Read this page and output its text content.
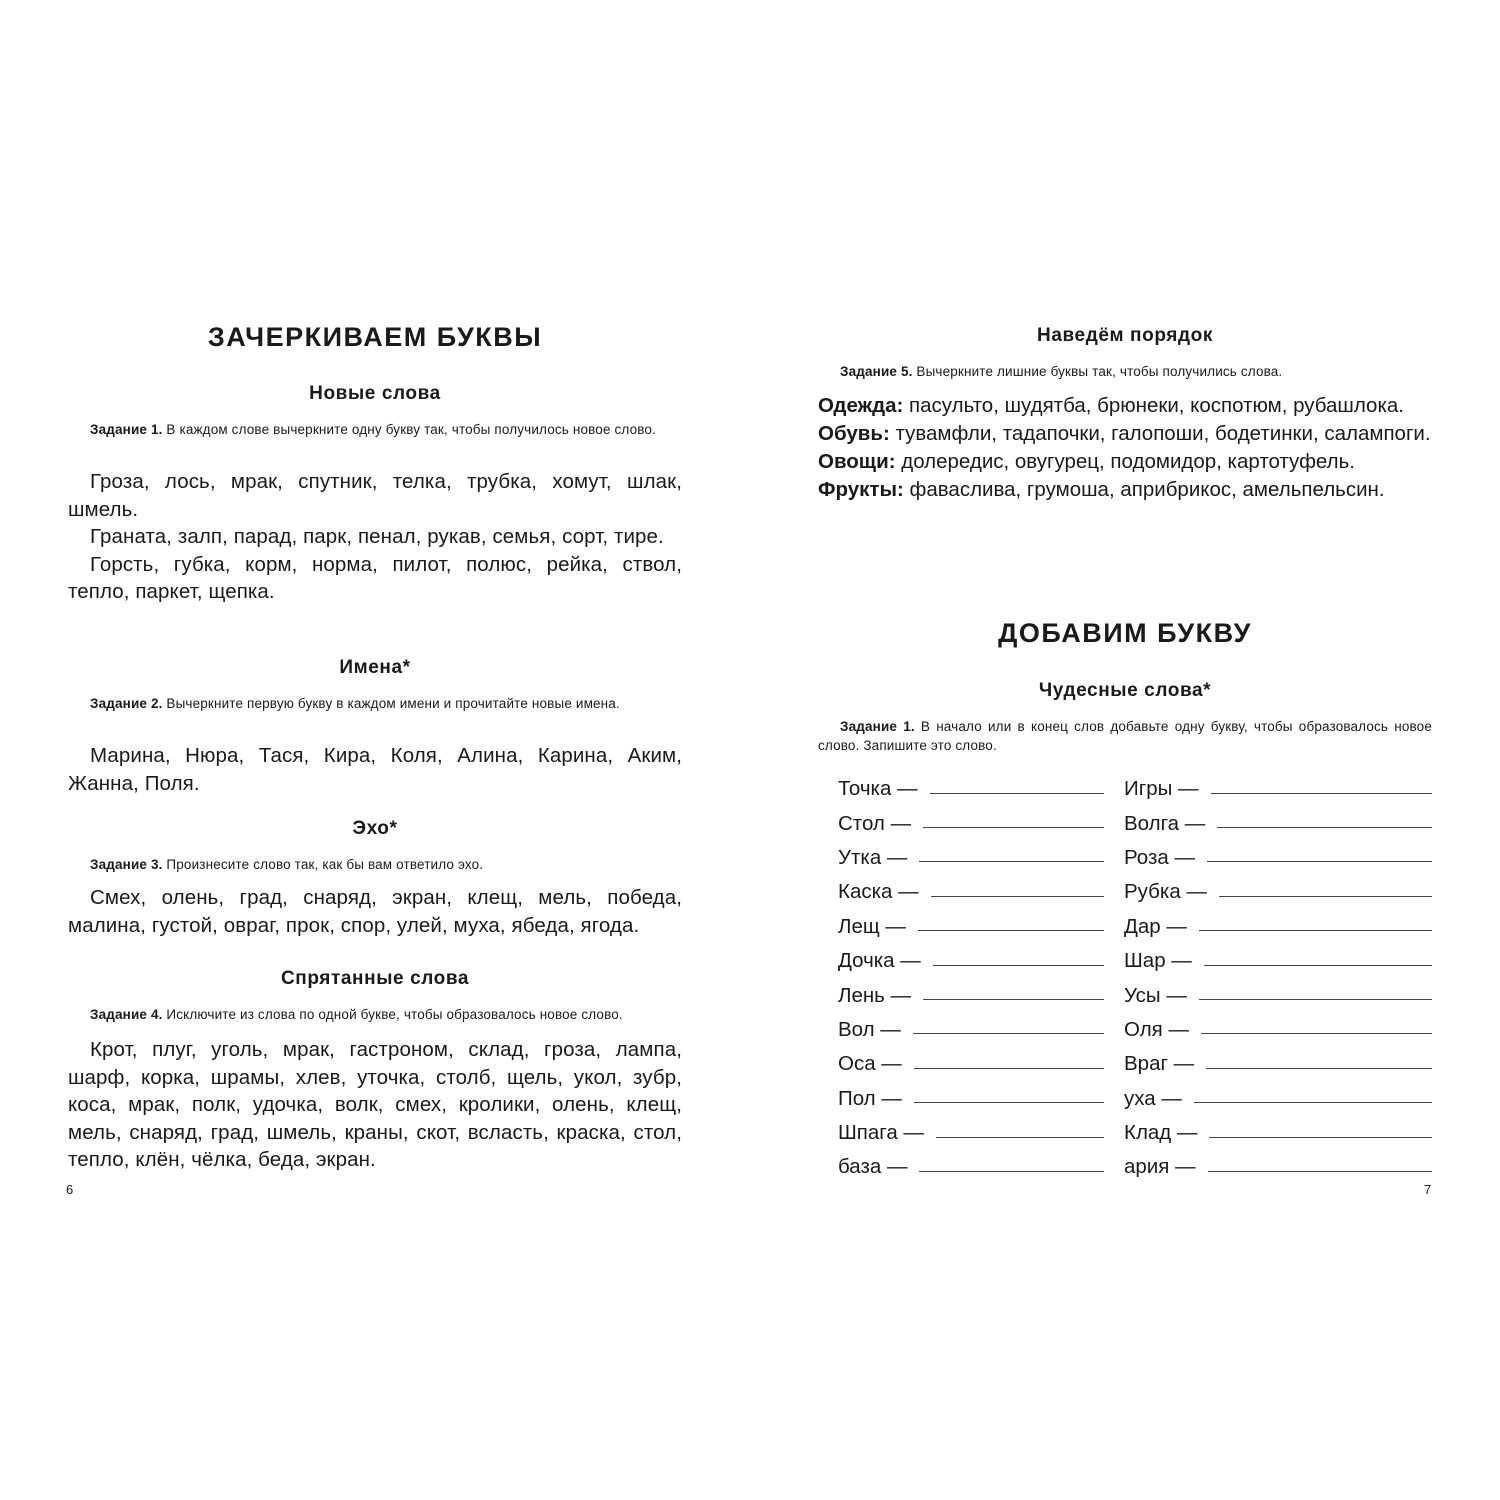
ЗАЧЕРКИВАЕМ БУКВЫ
Новые слова

Задание 1. В каждом слове вычеркните одну букву так, чтобы получилось новое слово.

Гроза, лось, мрак, спутник, телка, трубка, хомут, шлак, шмель.

Граната, залп, парад, парк, пенал, рукав, семья, сорт, тире.

Горсть, губка, корм, норма, пилот, полюс, рейка, ствол, тепло, паркет, щепка.

Имена*

Задание 2. Вычеркните первую букву в каждом имени и прочитайте новые имена.

Марина, Нюра, Тася, Кира, Коля, Алина, Карина, Аким, Жанна, Поля.

Эхо*

Задание 3. Произнесите слово так, как бы вам ответило эхо.

Смех, олень, град, снаряд, экран, клещ, мель, победа, малина, густой, овраг, прок, спор, улей, муха, ябеда, ягода.

Спрятанные слова

Задание 4. Исключите из слова по одной букве, чтобы образовалось новое слово.

Крот, плуг, уголь, мрак, гастроном, склад, гроза, лампа, шарф, корка, шрамы, хлев, уточка, столб, щель, укол, зубр, коса, мрак, полк, удочка, волк, смех, кролики, олень, клещ, мель, снаряд, град, шмель, краны, скот, всласть, краска, стол, тепло, клён, чёлка, беда, экран.

6
Наведём порядок

Задание 5. Вычеркните лишние буквы так, чтобы получились слова.

Одежда: пасульто, шудятба, брюнеки, коспотюм, рубашлока.

Обувь: тувамфли, тадапочки, галопоши, бодетинки, салампоги.

Овощи: долередис, овугурец, подомидор, картотуфель.

Фрукты: фаваслива, грумоша, априбрикос, амельпельсин.

ДОБАВИМ БУКВУ
Чудесные слова*

Задание 1. В начало или в конец слов добавьте одну букву, чтобы образовалось новое слово. Запишите это слово.

Точка —
Стол —
Утка —
Каска —
Лещ —
Дочка —
Лень —
Вол —
Оса —
Пол —
Шпага —
база —
Игры —
Волга —
Роза —
Рубка —
Дар —
Шар —
Усы —
Оля —
Враг —
уха —
Клад —
ария —
7
